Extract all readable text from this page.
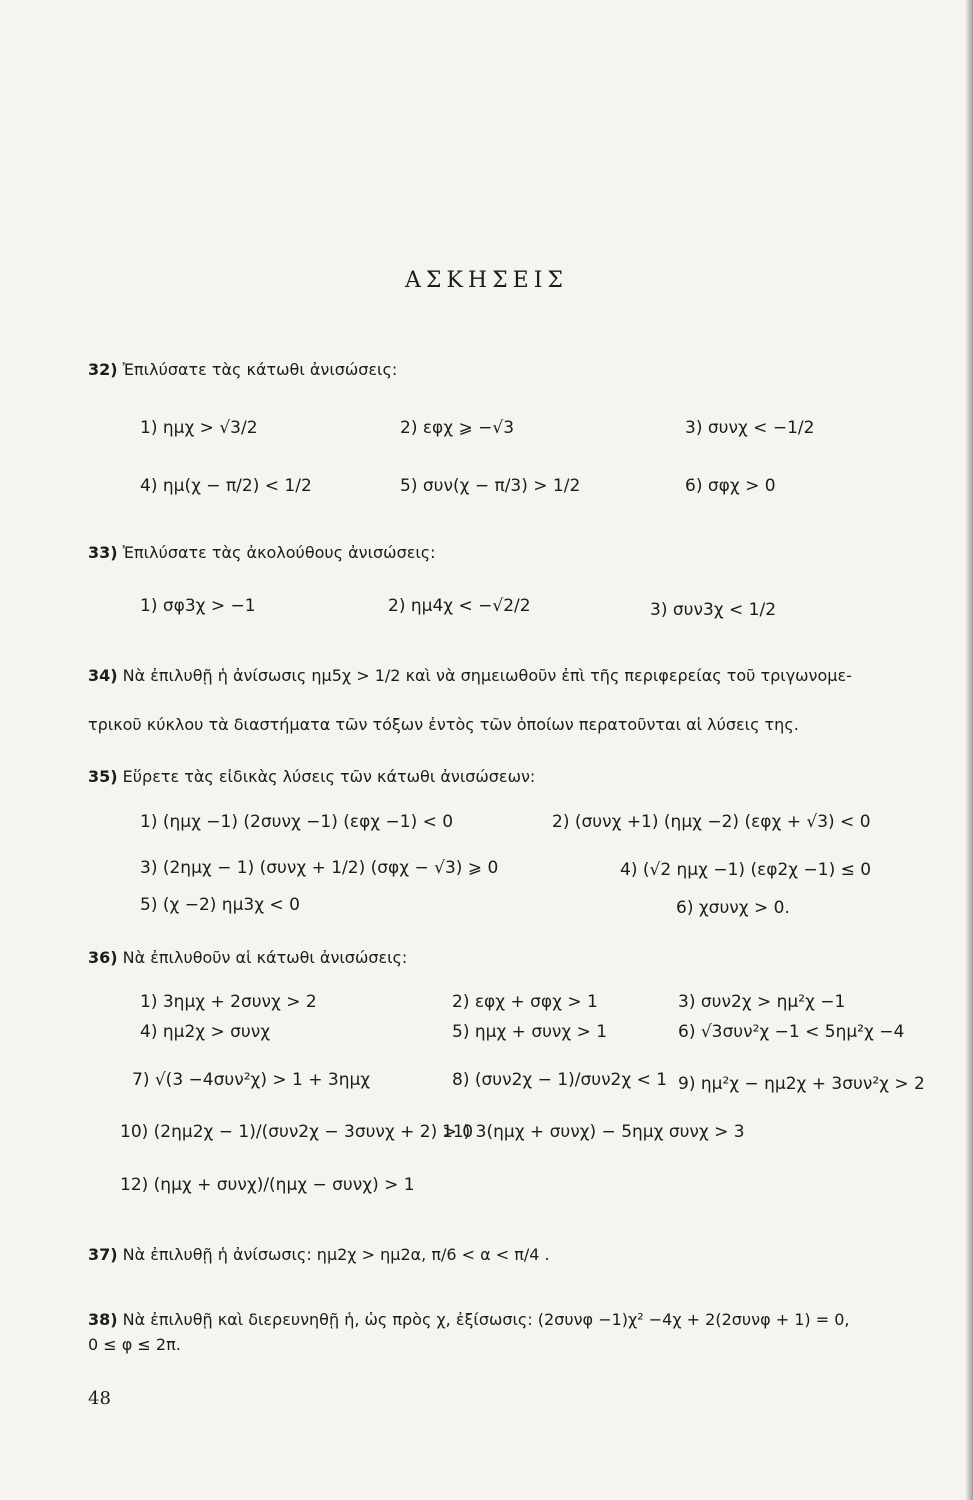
ΑΣΚΗΣΕΙΣ
32) Ἐπιλύσατε τὰς κάτωθι ἀνισώσεις:
1) ημχ > √3/2	2) εφχ ⩾ −√3	3) συνχ < −1/2
4) ημ(χ − π/2) < 1/2	5) συν(χ − π/3) > 1/2	6) σφχ > 0
33) Ἐπιλύσατε τὰς ἀκολούθους ἀνισώσεις:
1) σφ3χ > −1	2) ημ4χ < −√2/2	3) συν3χ < 1/2
34) Νὰ ἐπιλυθῇ ἡ ἀνίσωσις ημ5χ > 1/2 καὶ νὰ σημειωθοῦν ἐπὶ τῆς περιφερείας τοῦ τριγωνομε-
τρικοῦ κύκλου τὰ διαστήματα τῶν τόξων ἐντὸς τῶν ὁποίων περατοῦνται αἱ λύσεις της.
35) Εὕρετε τὰς εἰδικὰς λύσεις τῶν κάτωθι ἀνισώσεων:
1) (ημχ −1) (2συνχ −1) (εφχ −1) < 0	2) (συνχ +1) (ημχ −2) (εφχ + √3) < 0
3) (2ημχ − 1) (συνχ + 1/2) (σφχ − √3) ⩾ 0	4) (√2 ημχ −1) (εφ2χ −1) ≤ 0
5) (χ −2) ημ3χ < 0	6) χσυνχ > 0.
36) Νὰ ἐπιλυθοῦν αἱ κάτωθι ἀνισώσεις:
1) 3ημχ + 2συνχ > 2	2) εφχ + σφχ > 1	3) συν2χ > ημ²χ −1
4) ημ2χ > συνχ	5) ημχ + συνχ > 1	6) √3συν²χ −1 < 5ημ²χ −4
7) √(3 −4συν²χ) > 1 + 3ημχ	8) (συν2χ − 1)/συν2χ < 1 9) ημ²χ − ημ2χ + 3συν²χ > 2
10) (2ημ2χ − 1)/(συν2χ − 3συνχ + 2) > 0
11) 3(ημχ + συνχ) − 5ημχ συνχ > 3
12) (ημχ + συνχ)/(ημχ − συνχ) > 1
37) Νὰ ἐπιλυθῇ ἡ ἀνίσωσις: ημ2χ > ημ2α, π/6 < α < π/4 .
38) Νὰ ἐπιλυθῇ καὶ διερευνηθῇ ἡ, ὡς πρὸς χ, ἐξίσωσις: (2συνφ −1)χ² −4χ + 2(2συνφ + 1) = 0,
0 ≤ φ ≤ 2π.
48
